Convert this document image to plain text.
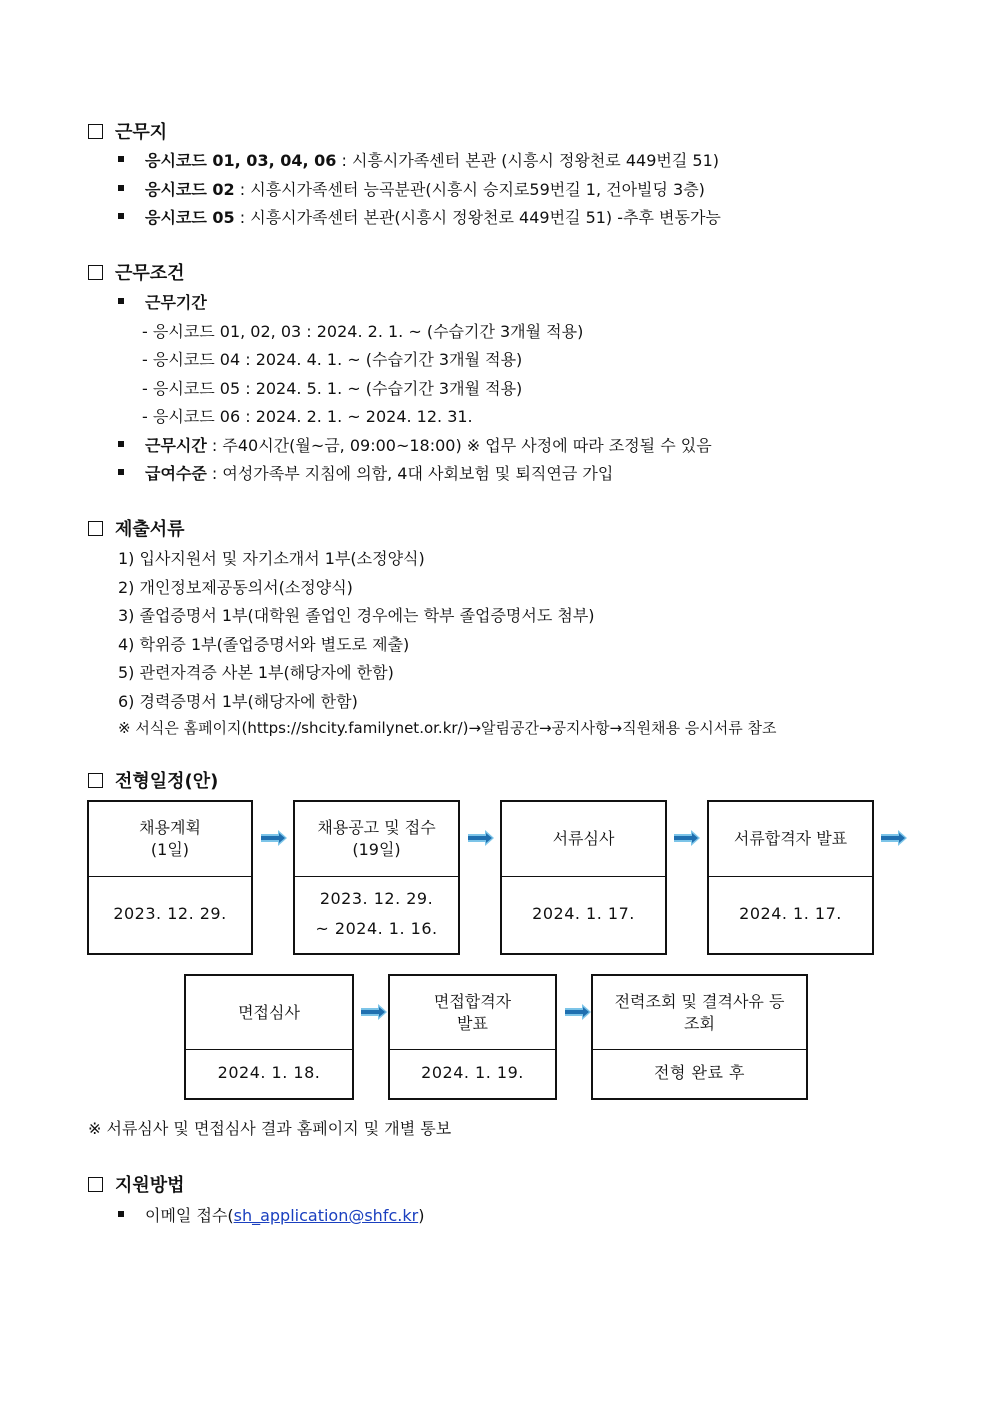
근무지
응시코드 01, 03, 04, 06 : 시흥시가족센터 본관 (시흥시 정왕천로 449번길 51)
응시코드 02 : 시흥시가족센터 능곡분관(시흥시 승지로59번길 1, 건아빌딩 3층)
응시코드 05 : 시흥시가족센터 본관(시흥시 정왕천로 449번길 51) -추후 변동가능
근무조건
근무기간
- 응시코드 01, 02, 03 : 2024. 2. 1. ~ (수습기간 3개월 적용)
- 응시코드 04 : 2024. 4. 1. ~ (수습기간 3개월 적용)
- 응시코드 05 : 2024. 5. 1. ~ (수습기간 3개월 적용)
- 응시코드 06 : 2024. 2. 1. ~ 2024. 12. 31.
근무시간 : 주40시간(월~금, 09:00~18:00) ※ 업무 사정에 따라 조정될 수 있음
급여수준 : 여성가족부 지침에 의함, 4대 사회보험 및 퇴직연금 가입
제출서류
1) 입사지원서 및 자기소개서 1부(소정양식)
2) 개인정보제공동의서(소정양식)
3) 졸업증명서 1부(대학원 졸업인 경우에는 학부 졸업증명서도 첨부)
4) 학위증 1부(졸업증명서와 별도로 제출)
5) 관련자격증 사본 1부(해당자에 한함)
6) 경력증명서 1부(해당자에 한함)
※ 서식은 홈페이지(https://shcity.familynet.or.kr/)→알림공간→공지사항→직원채용 응시서류 참조
전형일정(안)
채용계획
(1일)
2023. 12. 29.
채용공고 및 접수
(19일)
2023. 12. 29.
~ 2024. 1. 16.
서류심사
2024. 1. 17.
서류합격자 발표
2024. 1. 17.
면접심사
2024. 1. 18.
면접합격자
발표
2024. 1. 19.
전력조회 및 결격사유 등
조회
전형 완료 후
※ 서류심사 및 면접심사 결과 홈페이지 및 개별 통보
지원방법
이메일 접수(sh_application@shfc.kr)
